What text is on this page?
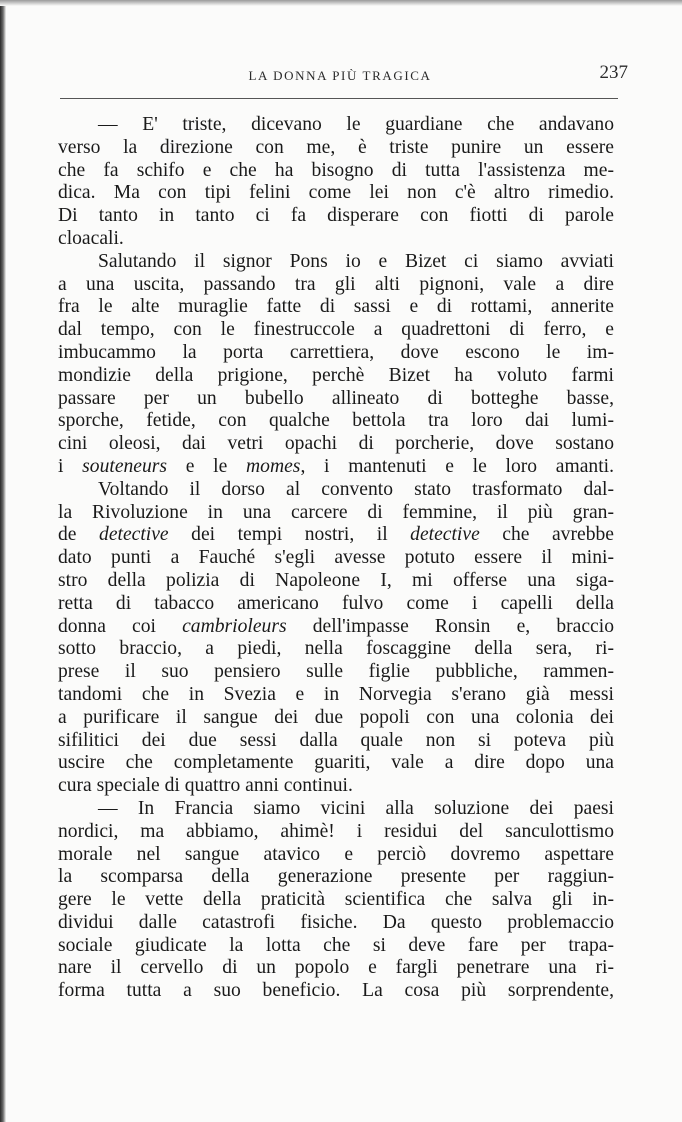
LA DONNA PIÙ TRAGICA	237
— E' triste, dicevano le guardiane che andavano
verso la direzione con me, è triste punire un essere
che fa schifo e che ha bisogno di tutta l'assistenza me-
dica. Ma con tipi felini come lei non c'è altro rimedio.
Di tanto in tanto ci fa disperare con fiotti di parole
cloacali.
Salutando il signor Pons io e Bizet ci siamo avviati
a una uscita, passando tra gli alti pignoni, vale a dire
fra le alte muraglie fatte di sassi e di rottami, annerite
dal tempo, con le finestruccole a quadrettoni di ferro, e
imbucammo la porta carrettiera, dove escono le im-
mondizie della prigione, perchè Bizet ha voluto farmi
passare per un bubello allineato di botteghe basse,
sporche, fetide, con qualche bettola tra loro dai lumi-
cini oleosi, dai vetri opachi di porcherie, dove sostano
i souteneurs e le momes, i mantenuti e le loro amanti.
Voltando il dorso al convento stato trasformato dal-
la Rivoluzione in una carcere di femmine, il più gran-
de detective dei tempi nostri, il detective che avrebbe
dato punti a Fauché s'egli avesse potuto essere il mini-
stro della polizia di Napoleone I, mi offerse una siga-
retta di tabacco americano fulvo come i capelli della
donna coi cambrioleurs dell'impasse Ronsin e, braccio
sotto braccio, a piedi, nella foscaggine della sera, ri-
prese il suo pensiero sulle figlie pubbliche, rammen-
tandomi che in Svezia e in Norvegia s'erano già messi
a purificare il sangue dei due popoli con una colonia dei
sifilitici dei due sessi dalla quale non si poteva più
uscire che completamente guariti, vale a dire dopo una
cura speciale di quattro anni continui.
— In Francia siamo vicini alla soluzione dei paesi
nordici, ma abbiamo, ahimè! i residui del sanculottismo
morale nel sangue atavico e perciò dovremo aspettare
la scomparsa della generazione presente per raggiun-
gere le vette della praticità scientifica che salva gli in-
dividui dalle catastrofi fisiche. Da questo problemaccio
sociale giudicate la lotta che si deve fare per trapa-
nare il cervello di un popolo e fargli penetrare una ri-
forma tutta a suo beneficio. La cosa più sorprendente,
